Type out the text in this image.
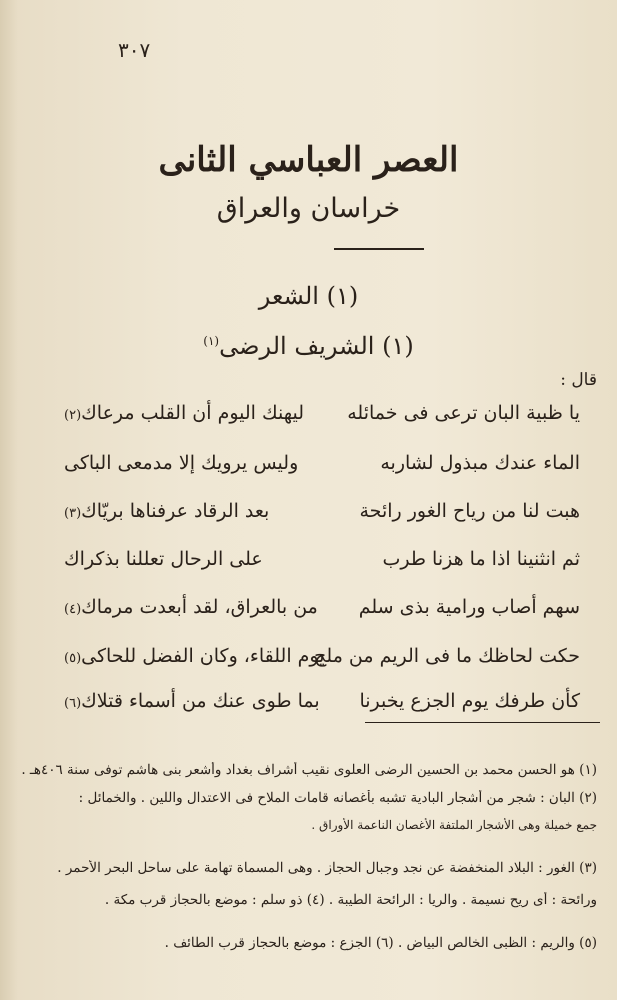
٣٠٧
العصر العباسي الثانى
خراسان والعراق
(١) الشعر
(١) الشريف الرضى$^{(١)}$
قال :
يا ظبية البان ترعى فى خمائله
ليهنك اليوم أن القلب مرعاك(٢)
الماء عندك مبذول لشاربه
وليس يرويك إلا مدمعى الباكى
هبت لنا من رياح الغور رائحة
بعد الرقاد عرفناها بريّاك(٣)
ثم انثنينا اذا ما هزنا طرب
على الرحال تعللنا بذكراك
سهم أصاب ورامية بذى سلم
من بالعراق، لقد أبعدت مرماك(٤)
حكت لحاظك ما فى الريم من ملح
يوم اللقاء، وكان الفضل للحاكى(٥)
كأن طرفك يوم الجزع يخبرنا
بما طوى عنك من أسماء قتلاك(٦)
(١) هو الحسن محمد بن الحسين الرضى العلوى نقيب أشراف بغداد وأشعر بنى هاشم توفى سنة ٤٠٦هـ .
(٢) البان : شجر من أشجار البادية تشبه بأغصانه قامات الملاح فى الاعتدال واللين . والخمائل :
جمع خميلة وهى الأشجار الملتفة الأغصان الناعمة الأوراق .
(٣) الغور : البلاد المنخفضة عن نجد وجبال الحجاز . وهى المسماة تهامة على ساحل البحر الأحمر .
ورائحة : أى ريح نسيمة . والريا : الرائحة الطيبة . (٤) ذو سلم : موضع بالحجاز قرب مكة .
(٥) والريم : الظبى الخالص البياض . (٦) الجزع : موضع بالحجاز قرب الطائف .
